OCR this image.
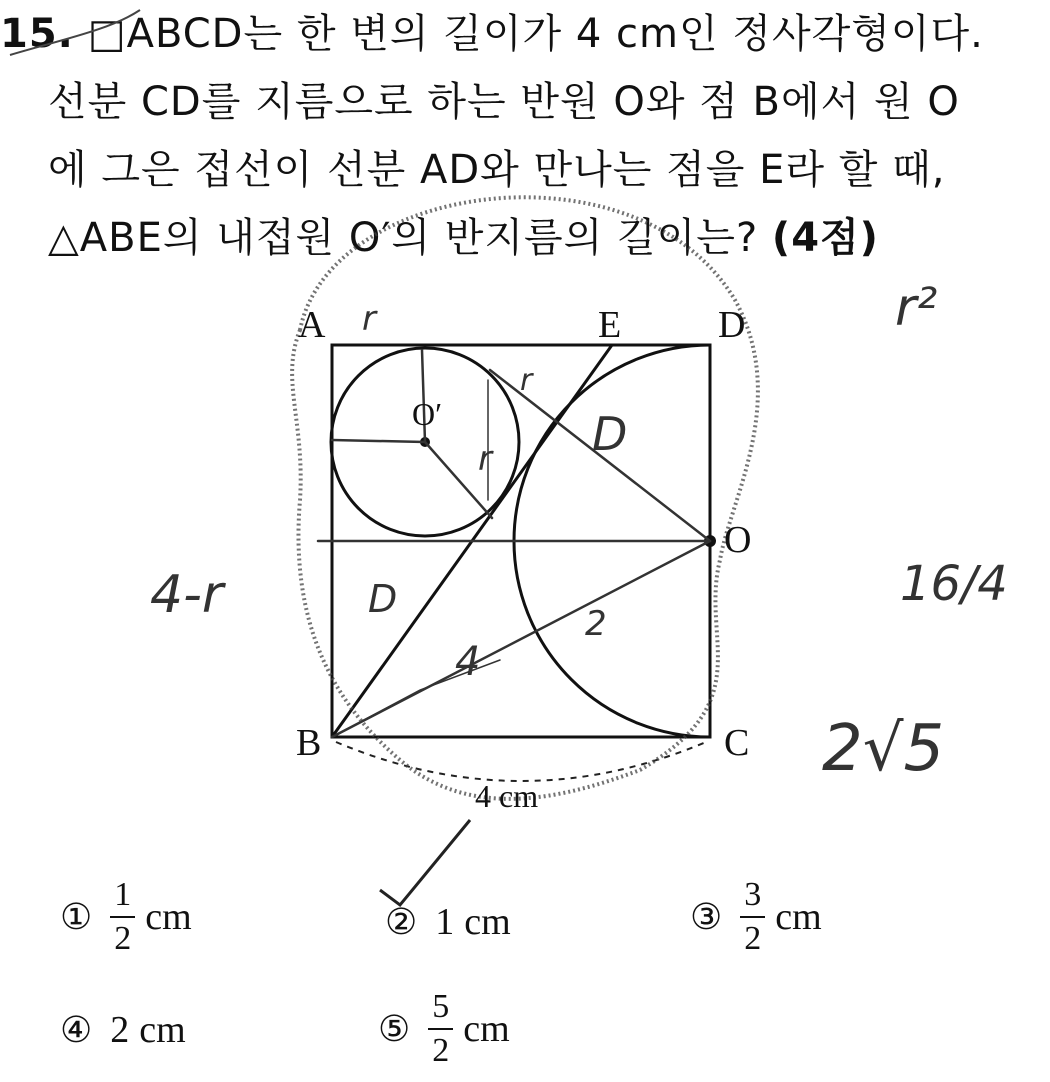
15. □ABCD는 한 변의 길이가 4 cm인 정사각형이다.
선분 CD를 지름으로 하는 반원 O와 점 B에서 원 O
에 그은 접선이 선분 AD와 만나는 점을 E라 할 때,
△ABE의 내접원 O′의 반지름의 길이는? (4점)
A	E	D
B	C
O
O′
4 cm
r
r
r
4-r	D
D
4
2
r²
16/4
2√5
① $\frac{1}{2}$ cm	② 1 cm	③ $\frac{3}{2}$ cm
④ 2 cm	⑤ $\frac{5}{2}$ cm
